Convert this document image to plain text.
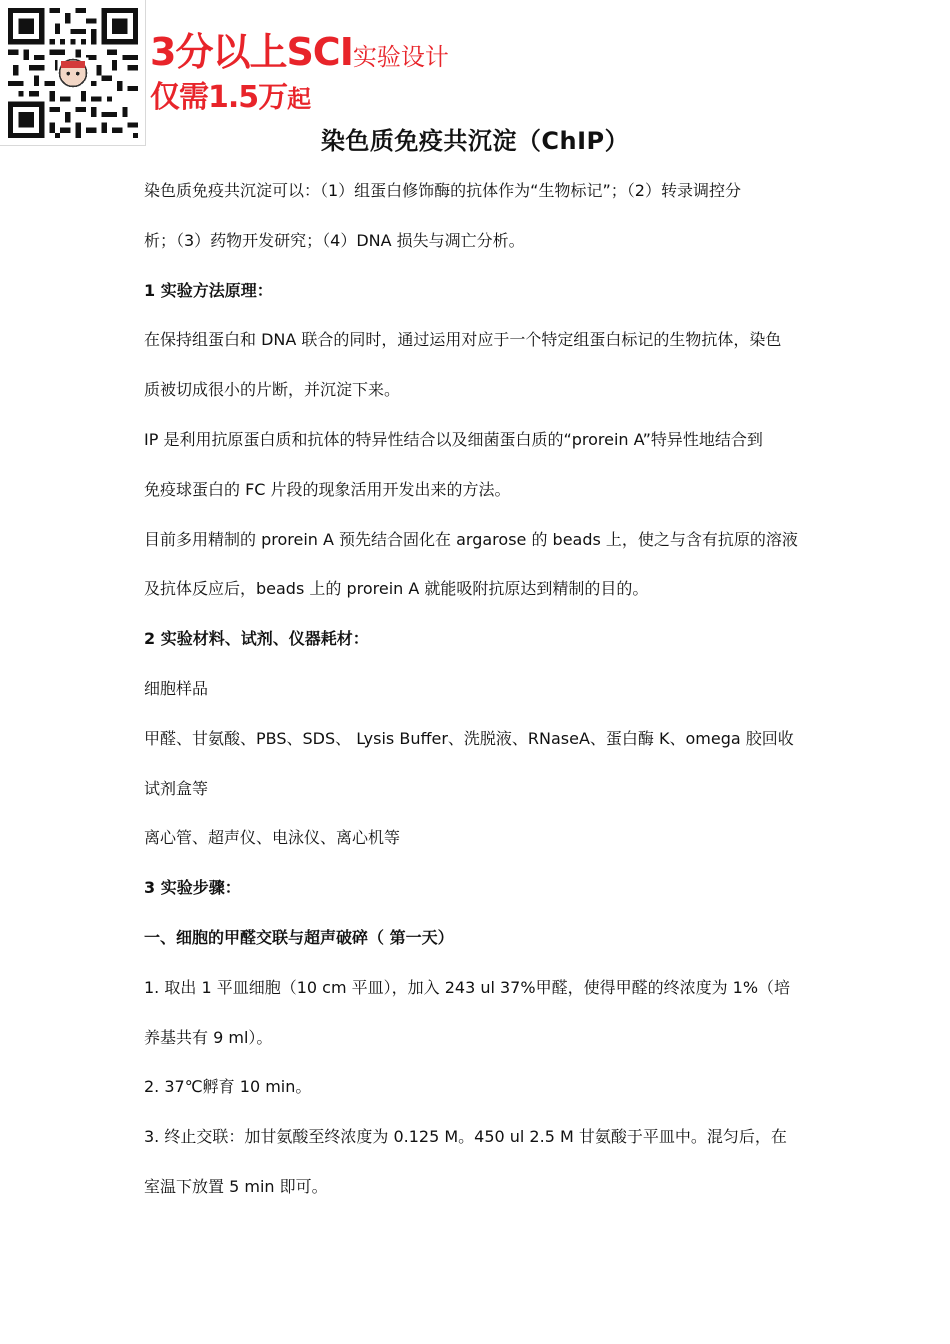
3分以上SCI实验设计
仅需1.5万起
染色质免疫共沉淀（ChIP）
染色质免疫共沉淀可以：（1）组蛋白修饰酶的抗体作为“生物标记”；（2）转录调控分
析；（3）药物开发研究；（4）DNA 损失与凋亡分析。
1 实验方法原理：
在保持组蛋白和 DNA 联合的同时，通过运用对应于一个特定组蛋白标记的生物抗体，染色
质被切成很小的片断，并沉淀下来。
IP 是利用抗原蛋白质和抗体的特异性结合以及细菌蛋白质的“prorein A”特异性地结合到
免疫球蛋白的 FC 片段的现象活用开发出来的方法。
目前多用精制的 prorein A 预先结合固化在 argarose 的 beads 上，使之与含有抗原的溶液
及抗体反应后，beads 上的 prorein A 就能吸附抗原达到精制的目的。
2 实验材料、试剂、仪器耗材：
细胞样品
甲醛、甘氨酸、PBS、SDS、 Lysis Buffer、洗脱液、RNaseA、蛋白酶 K、omega 胶回收
试剂盒等
离心管、超声仪、电泳仪、离心机等
3 实验步骤：
一、细胞的甲醛交联与超声破碎（ 第一天）
1. 取出 1 平皿细胞（10 cm 平皿），加入 243 ul 37%甲醛，使得甲醛的终浓度为 1%（培
养基共有 9 ml）。
2. 37℃孵育 10 min。
3. 终止交联：加甘氨酸至终浓度为 0.125 M。450 ul 2.5 M 甘氨酸于平皿中。混匀后，在
室温下放置 5 min 即可。
